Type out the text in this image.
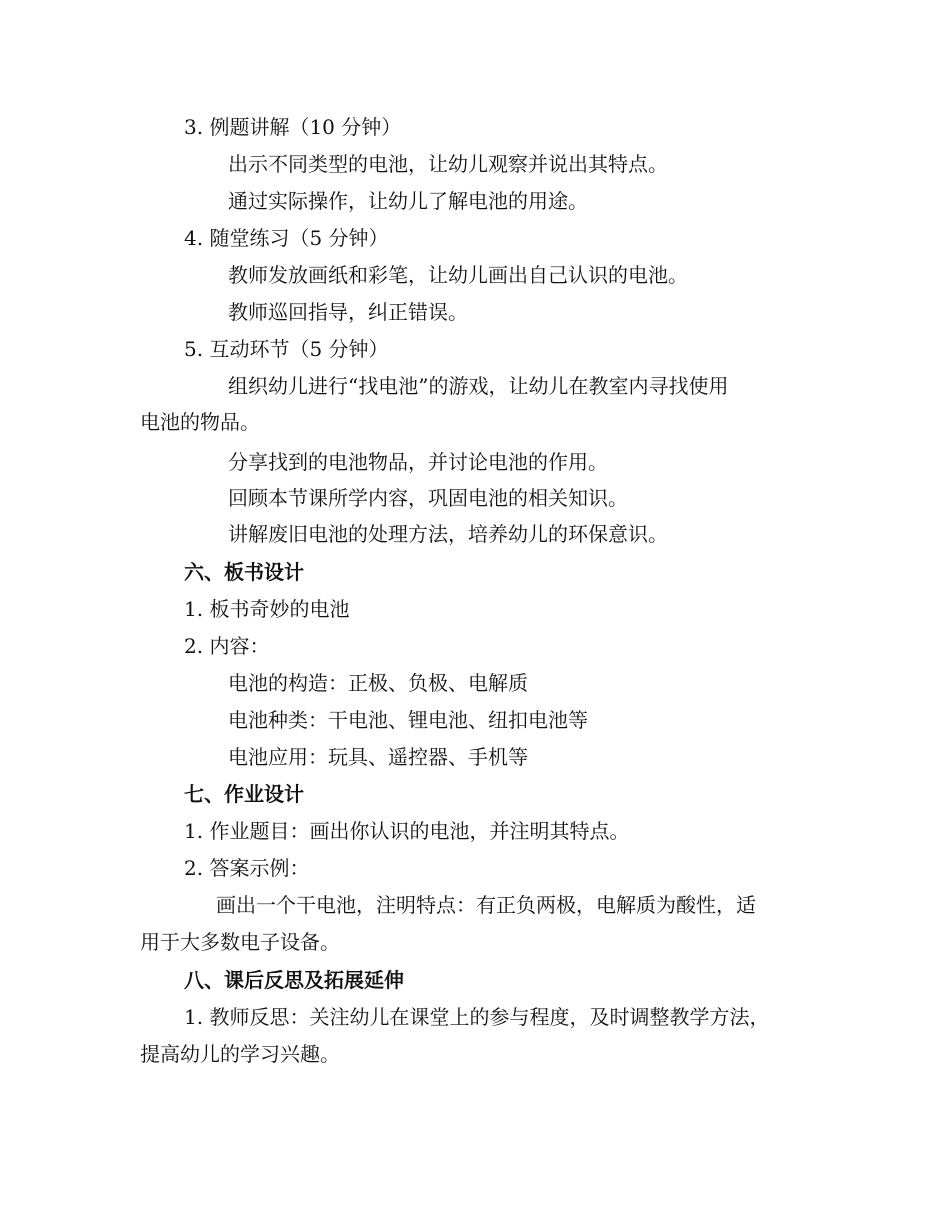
3. 例题讲解（10 分钟）
出示不同类型的电池，让幼儿观察并说出其特点。
通过实际操作，让幼儿了解电池的用途。
4. 随堂练习（5 分钟）
教师发放画纸和彩笔，让幼儿画出自己认识的电池。
教师巡回指导，纠正错误。
5. 互动环节（5 分钟）
组织幼儿进行“找电池”的游戏，让幼儿在教室内寻找使用
电池的物品。
分享找到的电池物品，并讨论电池的作用。
回顾本节课所学内容，巩固电池的相关知识。
讲解废旧电池的处理方法，培养幼儿的环保意识。
六、板书设计
1. 板书奇妙的电池
2. 内容：
电池的构造：正极、负极、电解质
电池种类：干电池、锂电池、纽扣电池等
电池应用：玩具、遥控器、手机等
七、作业设计
1. 作业题目：画出你认识的电池，并注明其特点。
2. 答案示例：
画出一个干电池，注明特点：有正负两极，电解质为酸性，适
用于大多数电子设备。
八、课后反思及拓展延伸
1. 教师反思：关注幼儿在课堂上的参与程度，及时调整教学方法，
提高幼儿的学习兴趣。
